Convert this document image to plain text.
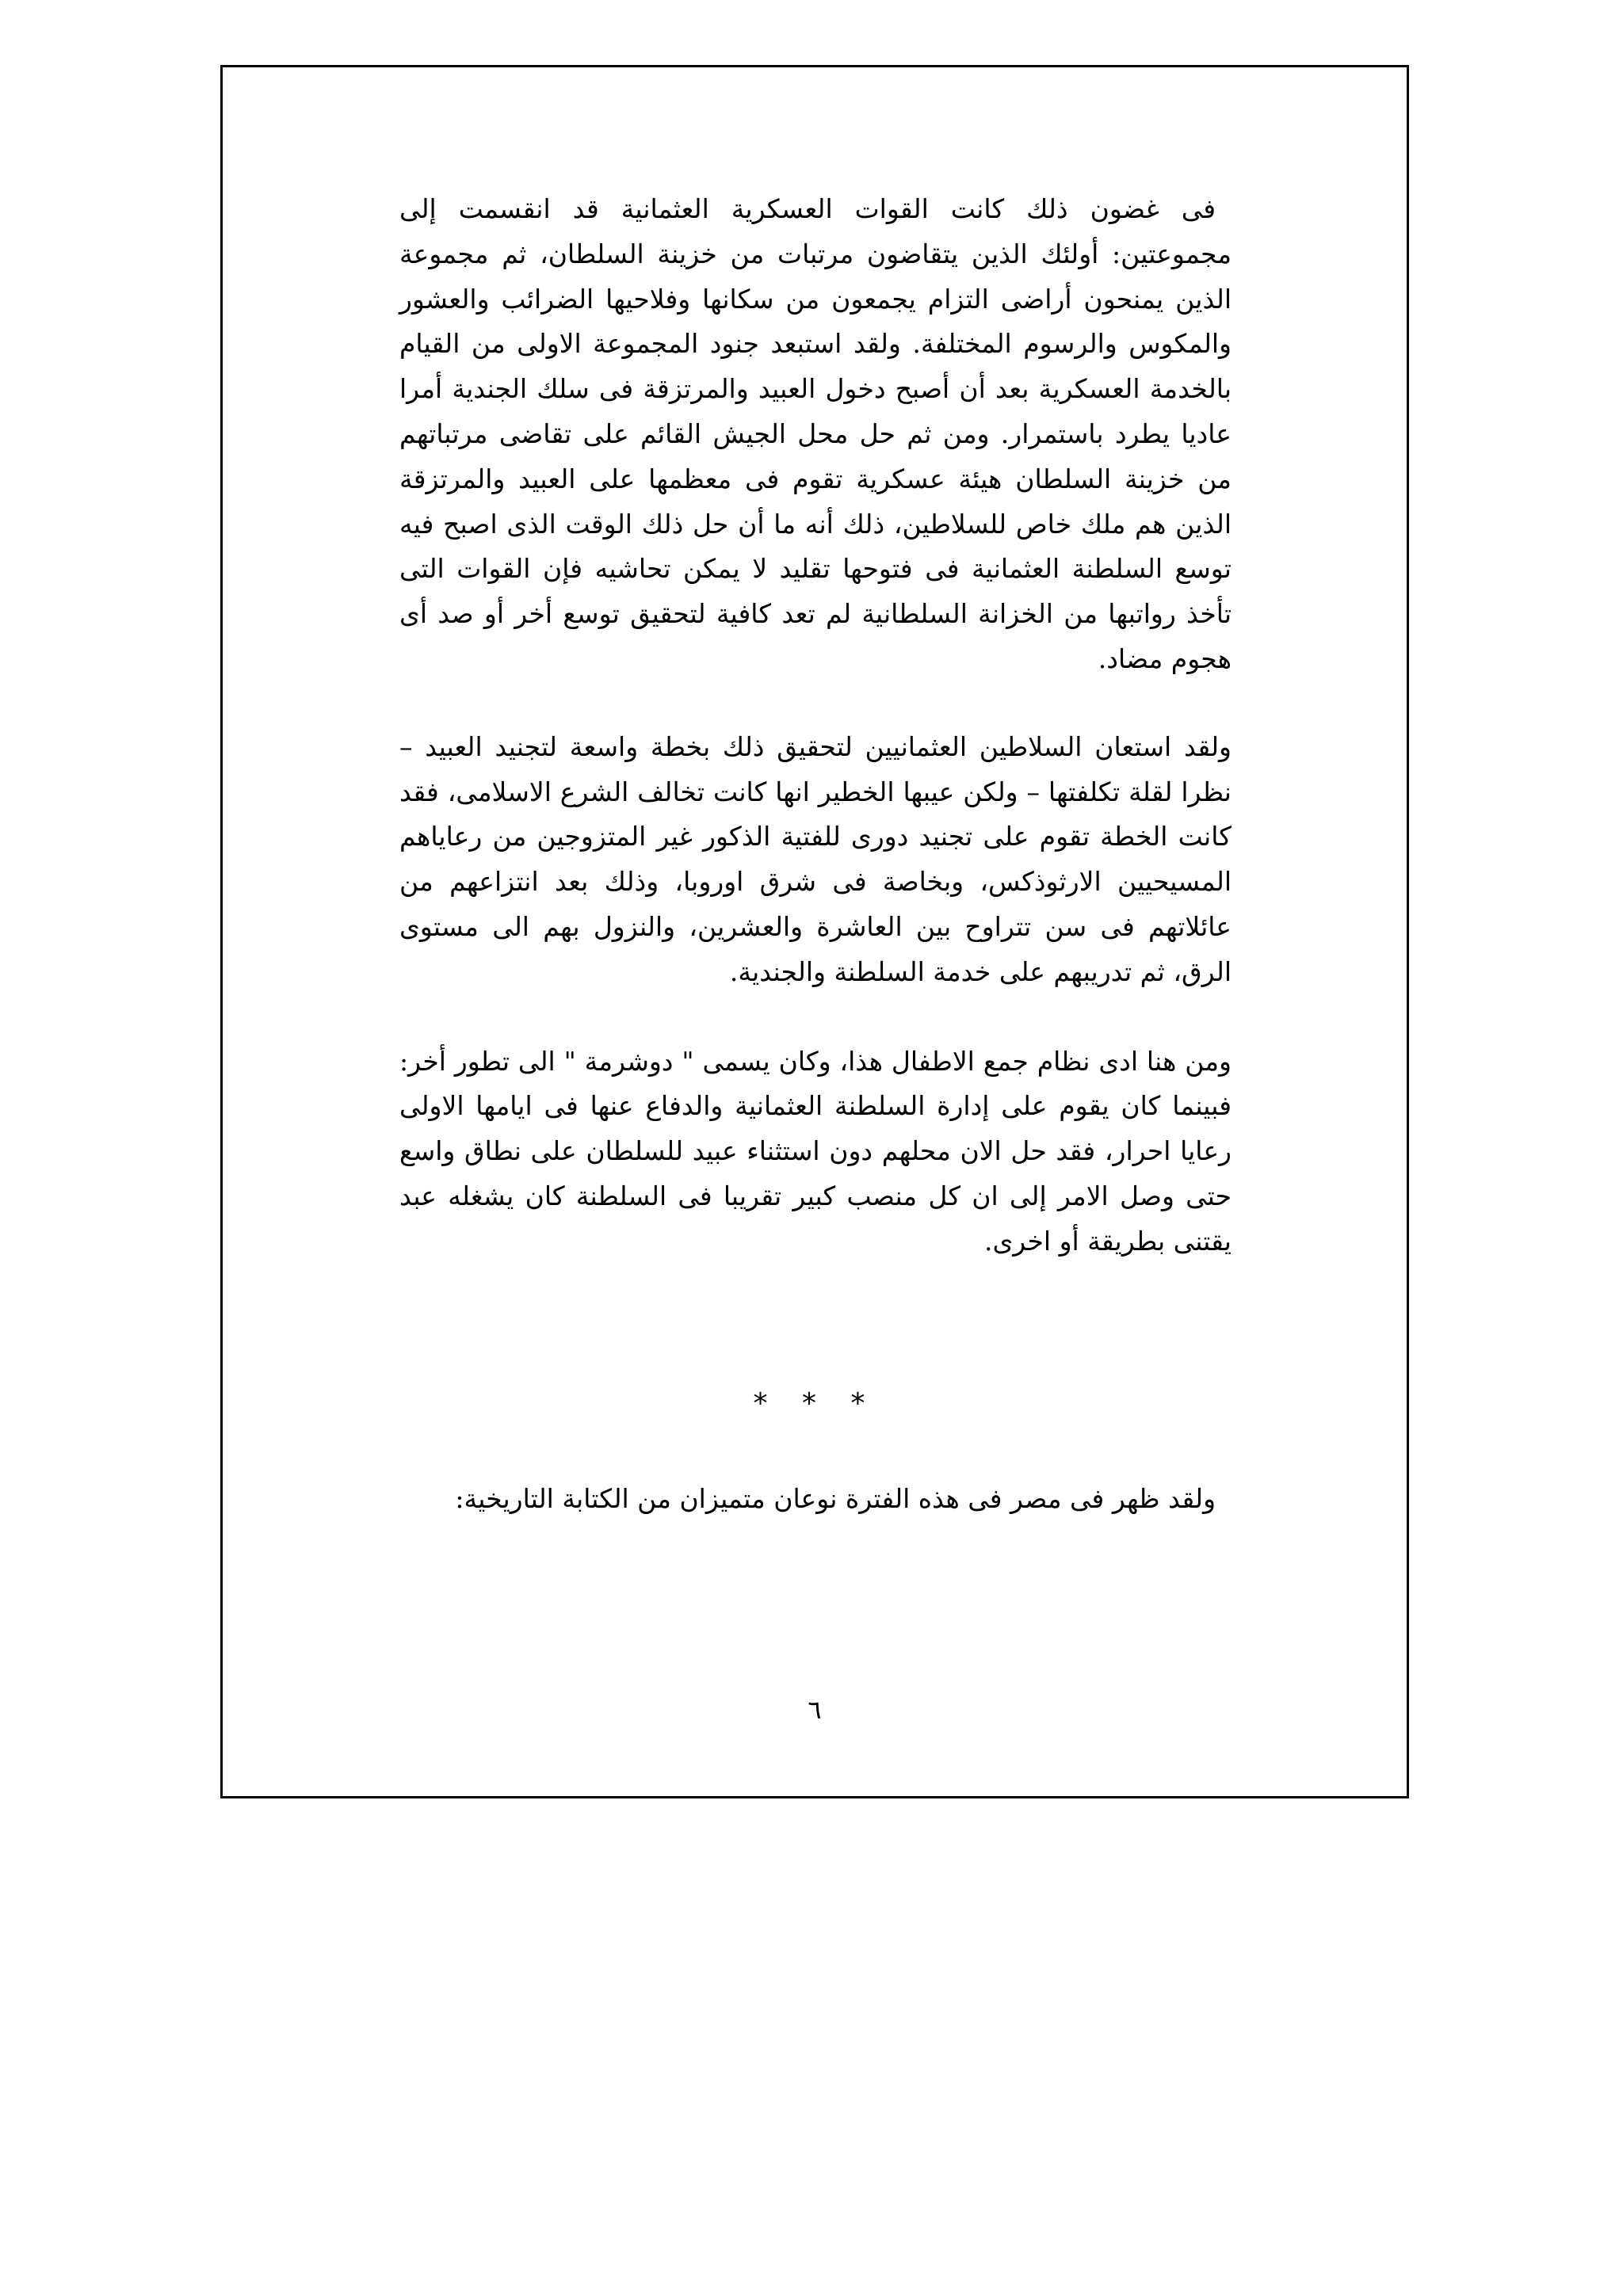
فى غضون ذلك كانت القوات العسكرية العثمانية قد انقسمت إلى مجموعتين: أولئك الذين يتقاضون مرتبات من خزينة السلطان، ثم مجموعة الذين يمنحون أراضى التزام يجمعون من سكانها وفلاحيها الضرائب والعشور والمكوس والرسوم المختلفة. ولقد استبعد جنود المجموعة الاولى من القيام بالخدمة العسكرية بعد أن أصبح دخول العبيد والمرتزقة فى سلك الجندية أمرا عاديا يطرد باستمرار. ومن ثم حل محل الجيش القائم على تقاضى مرتباتهم من خزينة السلطان هيئة عسكرية تقوم فى معظمها على العبيد والمرتزقة الذين هم ملك خاص للسلاطين، ذلك أنه ما أن حل ذلك الوقت الذى اصبح فيه توسع السلطنة العثمانية فى فتوحها تقليد لا يمكن تحاشيه فإن القوات التى تأخذ رواتبها من الخزانة السلطانية لم تعد كافية لتحقيق توسع أخر أو صد أى هجوم مضاد.

ولقد استعان السلاطين العثمانيين لتحقيق ذلك بخطة واسعة لتجنيد العبيد – نظرا لقلة تكلفتها – ولكن عيبها الخطير انها كانت تخالف الشرع الاسلامى، فقد كانت الخطة تقوم على تجنيد دورى للفتية الذكور غير المتزوجين من رعاياهم المسيحيين الارثوذكس، وبخاصة فى شرق اوروبا، وذلك بعد انتزاعهم من عائلاتهم فى سن تتراوح بين العاشرة والعشرين، والنزول بهم الى مستوى الرق، ثم تدريبهم على خدمة السلطنة والجندية.

ومن هنا ادى نظام جمع الاطفال هذا، وكان يسمى " دوشرمة " الى تطور أخر: فبينما كان يقوم على إدارة السلطنة العثمانية والدفاع عنها فى ايامها الاولى رعايا احرار، فقد حل الان محلهم دون استثناء عبيد للسلطان على نطاق واسع حتى وصل الامر إلى ان كل منصب كبير تقريبا فى السلطنة كان يشغله عبد يقتنى بطريقة أو اخرى.

* * *

ولقد ظهر فى مصر فى هذه الفترة نوعان متميزان من الكتابة التاريخية:

٦
